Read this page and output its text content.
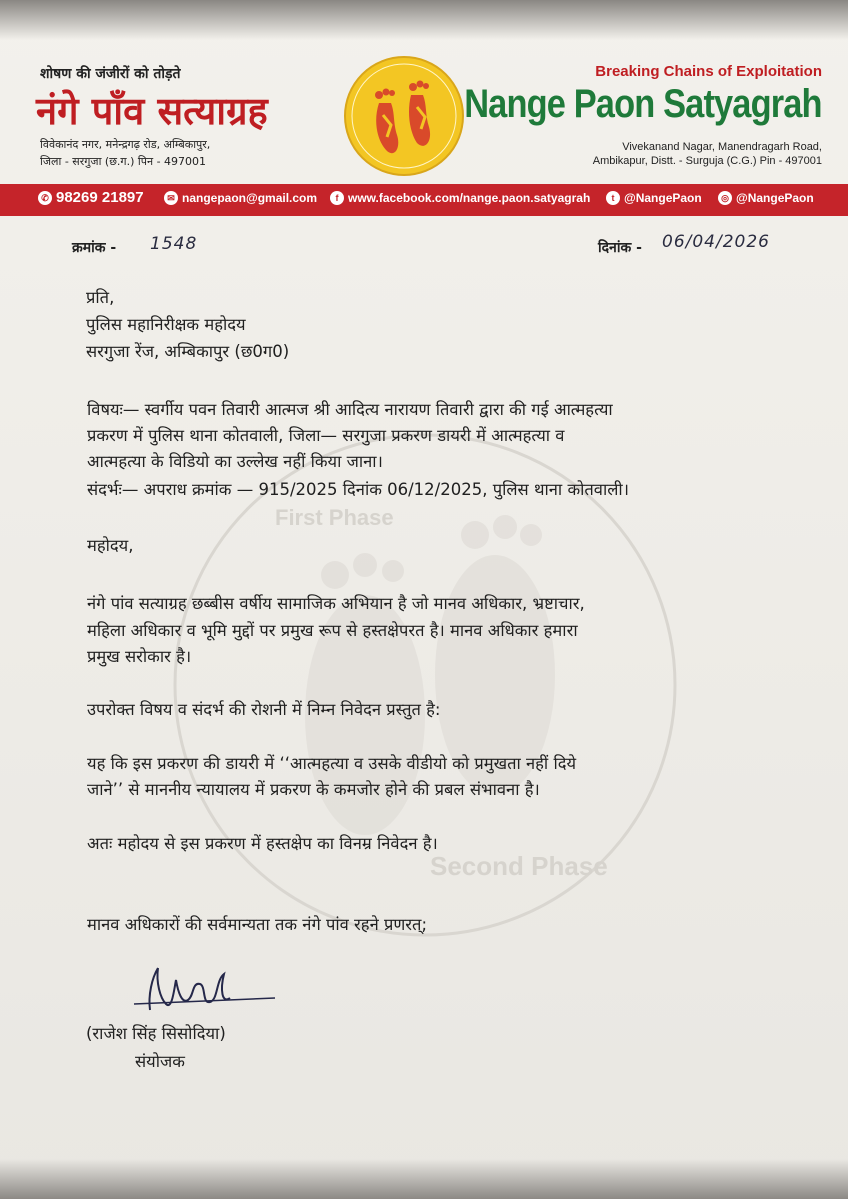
First Phase
Second Phase
शोषण की जंजीरों को तोड़ते
नंगे पाँव सत्याग्रह
विवेकानंद नगर, मनेन्द्रगढ़ रोड, अम्बिकापुर,
जिला - सरगुजा (छ.ग.) पिन - 497001
Breaking Chains of Exploitation
Nange Paon Satyagrah
Vivekanand Nagar, Manendragarh Road,
Ambikapur, Distt. - Surguja (C.G.) Pin - 497001
✆ 98269 21897	✉ nangepaon@gmail.com	f www.facebook.com/nange.paon.satyagrah	t @NangePaon	◎ @NangePaon
क्रमांक - 1548	दिनांक - 06/04/2026
प्रति,
पुलिस महानिरीक्षक महोदय
सरगुजा रेंज, अम्बिकापुर (छ0ग0)
विषयः— स्वर्गीय पवन तिवारी आत्मज श्री आदित्य नारायण तिवारी द्वारा की गई आत्महत्या
प्रकरण में पुलिस थाना कोतवाली, जिला— सरगुजा प्रकरण डायरी में आत्महत्या व
आत्महत्या के विडियो का उल्लेख नहीं किया जाना।
संदर्भः— अपराध क्रमांक — 915/2025 दिनांक 06/12/2025, पुलिस थाना कोतवाली।
महोदय,
नंगे पांव सत्याग्रह छब्बीस वर्षीय सामाजिक अभियान है जो मानव अधिकार, भ्रष्टाचार,
महिला अधिकार व भूमि मुद्दों पर प्रमुख रूप से हस्तक्षेपरत है। मानव अधिकार हमारा
प्रमुख सरोकार है।
उपरोक्त विषय व संदर्भ की रोशनी में निम्न निवेदन प्रस्तुत है:
यह कि इस प्रकरण की डायरी में ‘‘आत्महत्या व उसके वीडीयो को प्रमुखता नहीं दिये
जाने’’ से माननीय न्यायालय में प्रकरण के कमजोर होने की प्रबल संभावना है।
अतः महोदय से इस प्रकरण में हस्तक्षेप का विनम्र निवेदन है।
मानव अधिकारों की सर्वमान्यता तक नंगे पांव रहने प्रणरत्;
(राजेश सिंह सिसोदिया)
संयोजक
